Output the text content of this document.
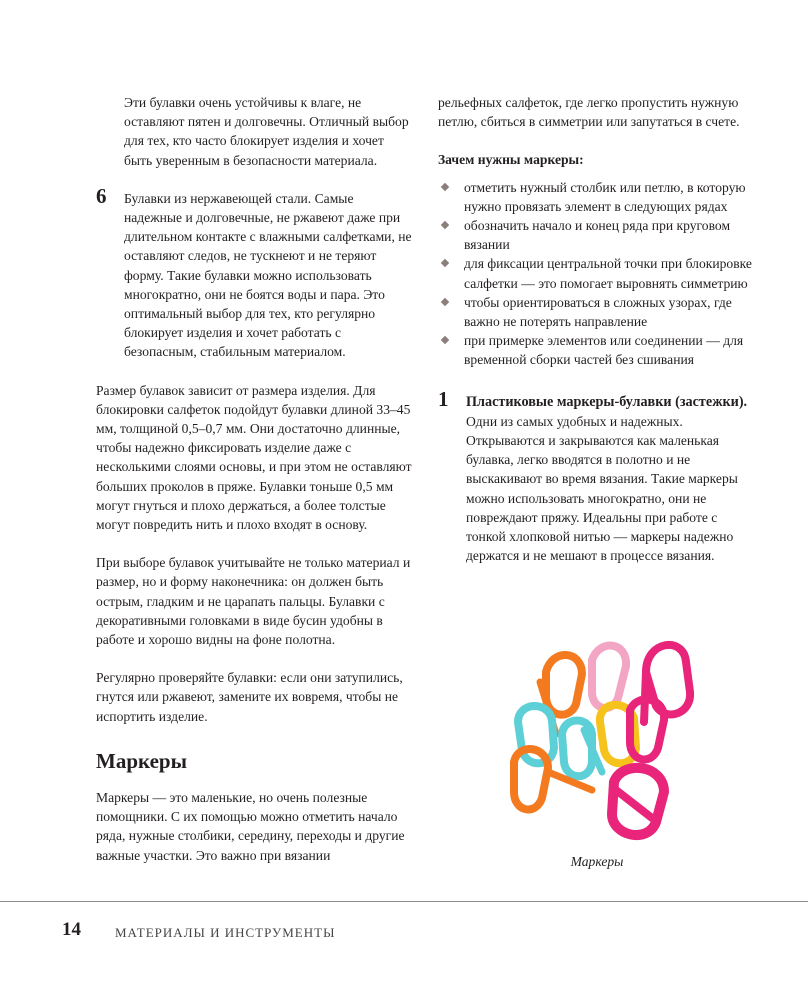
Эти булавки очень устойчивы к влаге, не оставляют пятен и долговечны. Отличный выбор для тех, кто часто блокирует изделия и хочет быть уверенным в безопасности материала.

6 Булавки из нержавеющей стали. Самые надежные и долговечные, не ржавеют даже при длительном контакте с влажными салфетками, не оставляют следов, не тускнеют и не теряют форму. Такие булавки можно использовать многократно, они не боятся воды и пара. Это оптимальный выбор для тех, кто регулярно блокирует изделия и хочет работать с безопасным, стабильным материалом.

Размер булавок зависит от размера изделия. Для блокировки салфеток подойдут булавки длиной 33–45 мм, толщиной 0,5–0,7 мм. Они достаточно длинные, чтобы надежно фиксировать изделие даже с несколькими слоями основы, и при этом не оставляют больших проколов в пряже. Булавки тоньше 0,5 мм могут гнуться и плохо держаться, а более толстые могут повредить нить и плохо входят в основу.

При выборе булавок учитывайте не только материал и размер, но и форму наконечника: он должен быть острым, гладким и не царапать пальцы. Булавки с декоративными головками в виде бусин удобны в работе и хорошо видны на фоне полотна.

Регулярно проверяйте булавки: если они затупились, гнутся или ржавеют, замените их вовремя, чтобы не испортить изделие.

Маркеры

Маркеры — это маленькие, но очень полезные помощники. С их помощью можно отметить начало ряда, нужные столбики, середину, переходы и другие важные участки. Это важно при вязании

рельефных салфеток, где легко пропустить нужную петлю, сбиться в симметрии или запутаться в счете.

Зачем нужны маркеры:
отметить нужный столбик или петлю, в которую нужно провязать элемент в следующих рядах
обозначить начало и конец ряда при круговом вязании
для фиксации центральной точки при блокировке салфетки — это помогает выровнять симметрию
чтобы ориентироваться в сложных узорах, где важно не потерять направление
при примерке элементов или соединении — для временной сборки частей без сшивания
1 Пластиковые маркеры-булавки (застежки). Одни из самых удобных и надежных. Открываются и закрываются как маленькая булавка, легко вводятся в полотно и не выскакивают во время вязания. Такие маркеры можно использовать многократно, они не повреждают пряжу. Идеальны при работе с тонкой хлопковой нитью — маркеры надежно держатся и не мешают в процессе вязания.

Маркеры
14	МАТЕРИАЛЫ И ИНСТРУМЕНТЫ
